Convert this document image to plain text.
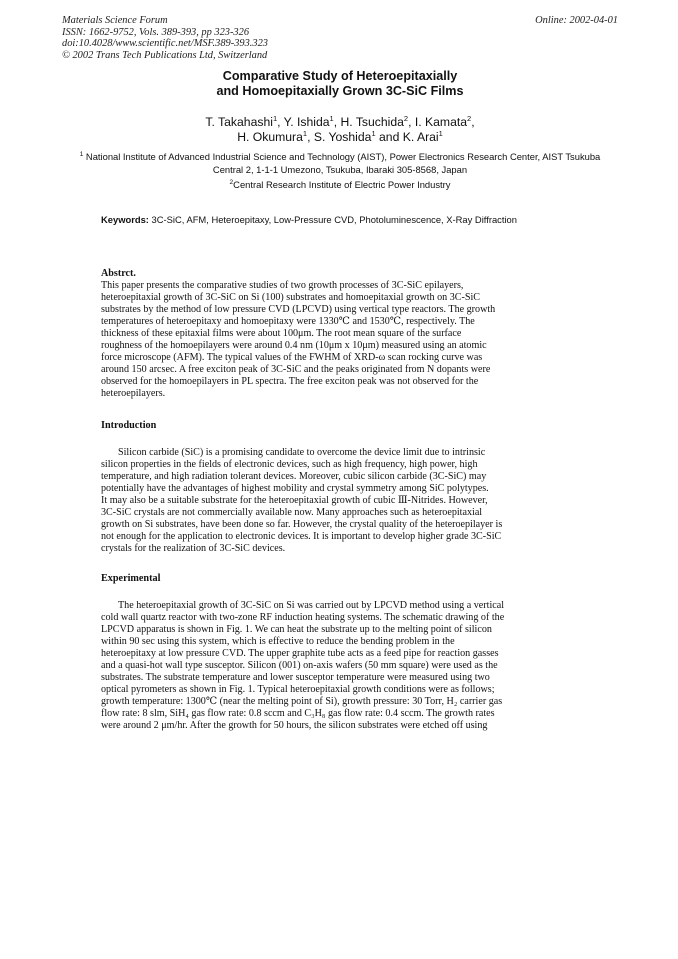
Materials Science Forum
ISSN: 1662-9752, Vols. 389-393, pp 323-326
doi:10.4028/www.scientific.net/MSF.389-393.323
© 2002 Trans Tech Publications Ltd, Switzerland
Online: 2002-04-01
Comparative Study of Heteroepitaxially
and Homoepitaxially Grown 3C-SiC Films
T. Takahashi$^1$, Y. Ishida$^1$, H. Tsuchida$^2$, I. Kamata$^2$,
H. Okumura$^1$, S. Yoshida$^1$ and K. Arai$^1$
$^1$ National Institute of Advanced Industrial Science and Technology (AIST), Power Electronics Research Center, AIST Tsukuba Central 2, 1-1-1 Umezono, Tsukuba, Ibaraki 305-8568, Japan
$^2$Central Research Institute of Electric Power Industry
Keywords: 3C-SiC, AFM, Heteroepitaxy, Low-Pressure CVD, Photoluminescence, X-Ray Diffraction
Abstrct.
This paper presents the comparative studies of two growth processes of 3C-SiC epilayers,
heteroepitaxial growth of 3C-SiC on Si (100) substrates and homoepitaxial growth on 3C-SiC
substrates by the method of low pressure CVD (LPCVD) using vertical type reactors. The growth
temperatures of heteroepitaxy and homoepitaxy were 1330℃ and 1530℃, respectively. The
thickness of these epitaxial films were about 100μm. The root mean square of the surface
roughness of the homoepilayers were around 0.4 nm (10μm x 10μm) measured using an atomic
force microscope (AFM). The typical values of the FWHM of XRD-ω scan rocking curve was
around 150 arcsec. A free exciton peak of 3C-SiC and the peaks originated from N dopants were
observed for the homoepilayers in PL spectra. The free exciton peak was not observed for the
heteroepilayers.
Introduction
Silicon carbide (SiC) is a promising candidate to overcome the device limit due to intrinsic
silicon properties in the fields of electronic devices, such as high frequency, high power, high
temperature, and high radiation tolerant devices. Moreover, cubic silicon carbide (3C-SiC) may
potentially have the advantages of highest mobility and crystal symmetry among SiC polytypes.
It may also be a suitable substrate for the heteroepitaxial growth of cubic Ⅲ-Nitrides. However,
3C-SiC crystals are not commercially available now. Many approaches such as heteroepitaxial
growth on Si substrates, have been done so far. However, the crystal quality of the heteroepilayer is
not enough for the application to electronic devices. It is important to develop higher grade 3C-SiC
crystals for the realization of 3C-SiC devices.
Experimental
The heteroepitaxial growth of 3C-SiC on Si was carried out by LPCVD method using a vertical
cold wall quartz reactor with two-zone RF induction heating systems. The schematic drawing of the
LPCVD apparatus is shown in Fig. 1. We can heat the substrate up to the melting point of silicon
within 90 sec using this system, which is effective to reduce the bending problem in the
heteroepitaxy at low pressure CVD. The upper graphite tube acts as a feed pipe for reaction gasses
and a quasi-hot wall type susceptor. Silicon (001) on-axis wafers (50 mm square) were used as the
substrates. The substrate temperature and lower susceptor temperature were measured using two
optical pyrometers as shown in Fig. 1. Typical heteroepitaxial growth conditions were as follows;
growth temperature: 1300℃ (near the melting point of Si), growth pressure: 30 Torr, H₂ carrier gas
flow rate: 8 slm, SiH₄ gas flow rate: 0.8 sccm and C₃H₈ gas flow rate: 0.4 sccm. The growth rates
were around 2 μm/hr. After the growth for 50 hours, the silicon substrates were etched off using
